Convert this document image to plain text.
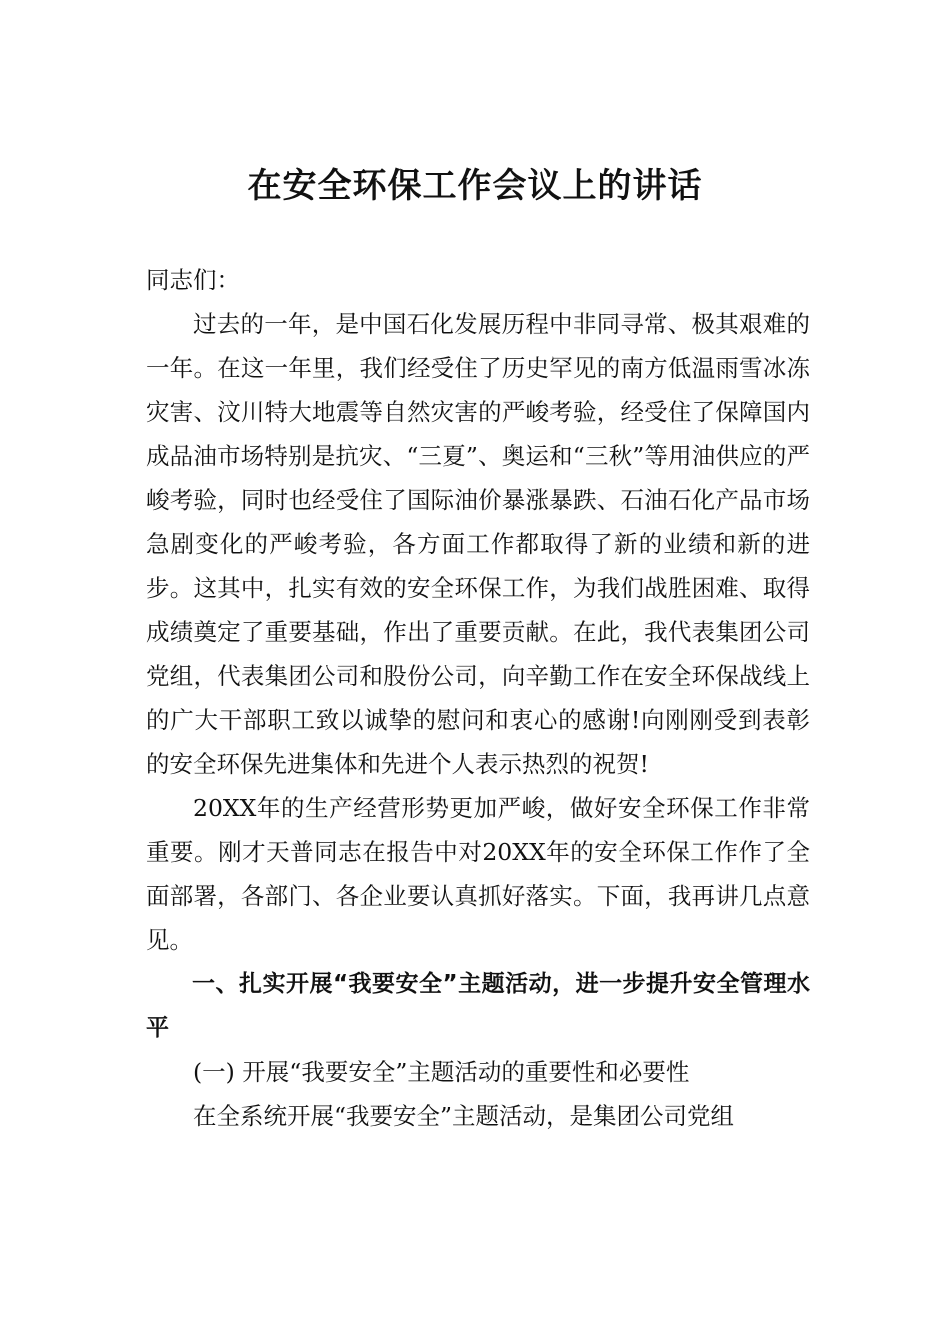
在安全环保工作会议上的讲话

同志们：

过去的一年，是中国石化发展历程中非同寻常、极其艰难的一年。在这一年里，我们经受住了历史罕见的南方低温雨雪冰冻灾害、汶川特大地震等自然灾害的严峻考验，经受住了保障国内成品油市场特别是抗灾、“三夏”、奥运和“三秋”等用油供应的严峻考验，同时也经受住了国际油价暴涨暴跌、石油石化产品市场急剧变化的严峻考验，各方面工作都取得了新的业绩和新的进步。这其中，扎实有效的安全环保工作，为我们战胜困难、取得成绩奠定了重要基础，作出了重要贡献。在此，我代表集团公司党组，代表集团公司和股份公司，向辛勤工作在安全环保战线上的广大干部职工致以诚挚的慰问和衷心的感谢!向刚刚受到表彰的安全环保先进集体和先进个人表示热烈的祝贺!

20XX年的生产经营形势更加严峻，做好安全环保工作非常重要。刚才天普同志在报告中对20XX年的安全环保工作作了全面部署，各部门、各企业要认真抓好落实。下面，我再讲几点意见。

一、扎实开展“我要安全”主题活动，进一步提升安全管理水平

(一) 开展“我要安全”主题活动的重要性和必要性

在全系统开展“我要安全”主题活动，是集团公司党组
